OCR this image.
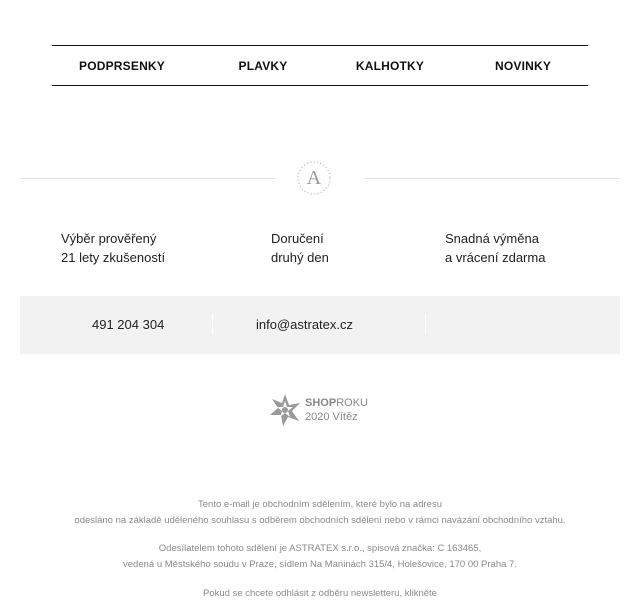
PODPRSENKY	PLAVKY	KALHOTKY	NOVINKY
A
Výběr prověřený
21 lety zkušeností
Doručení
druhý den
Snadná výměna
a vrácení zdarma
491 204 304	info@astratex.cz
SHOPROKU
2020 Vítěz
Tento e-mail je obchodním sdělením, které bylo na adresu
odesláno na základě uděleného souhlasu s odběrem obchodních sdělení nebo v rámci navázání obchodního vztahu.
Odesílatelem tohoto sdělení je ASTRATEX s.r.o., spisová značka: C 163465,
vedená u Městského soudu v Praze, sídlem Na Maninách 315/4, Holešovice, 170 00 Praha 7.
Pokud se chcete odhlásit z odběru newsletteru, klikněte
